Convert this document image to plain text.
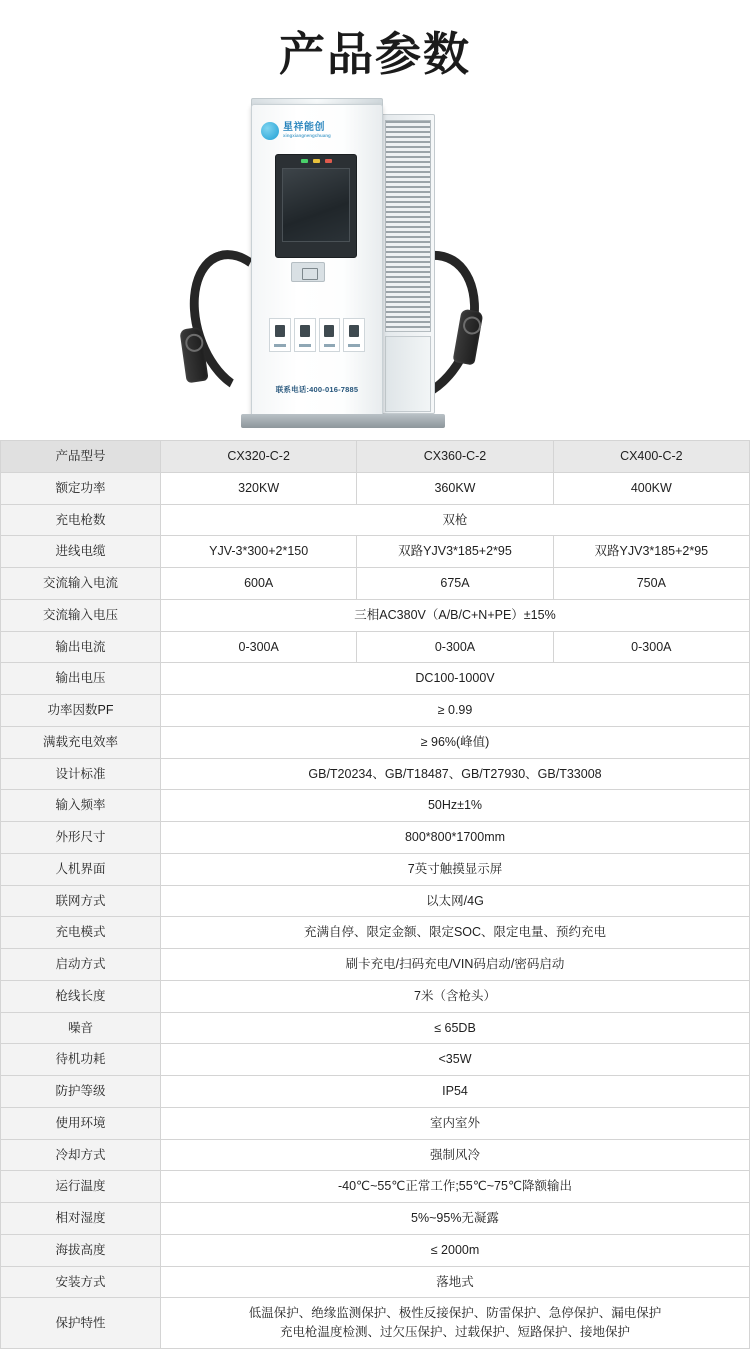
产品参数
星祥能创
xingxiangnengchuang
联系电话:400-016-7885
产品型号	CX320-C-2	CX360-C-2	CX400-C-2
额定功率	320KW	360KW	400KW
充电枪数	双枪		
进线电缆	YJV-3*300+2*150	双路YJV3*185+2*95	双路YJV3*185+2*95
交流输入电流	600A	675A	750A
交流输入电压	三相AC380V（A/B/C+N+PE）±15%		
输出电流	0-300A	0-300A	0-300A
输出电压	DC100-1000V		
功率因数PF	≥ 0.99		
满载充电效率	≥ 96%(峰值)		
设计标准	GB/T20234、GB/T18487、GB/T27930、GB/T33008		
输入频率	50Hz±1%		
外形尺寸	800*800*1700mm		
人机界面	7英寸触摸显示屏		
联网方式	以太网/4G		
充电模式	充满自停、限定金额、限定SOC、限定电量、预约充电		
启动方式	刷卡充电/扫码充电/VIN码启动/密码启动		
枪线长度	7米（含枪头）		
噪音	≤ 65DB		
待机功耗	<35W		
防护等级	IP54		
使用环境	室内室外		
冷却方式	强制风冷		
运行温度	-40℃~55℃正常工作;55℃~75℃降额输出		
相对湿度	5%~95%无凝露		
海拔高度	≤ 2000m		
安装方式	落地式		
保护特性	低温保护、绝缘监测保护、极性反接保护、防雷保护、急停保护、漏电保护
充电枪温度检测、过欠压保护、过载保护、短路保护、接地保护		
